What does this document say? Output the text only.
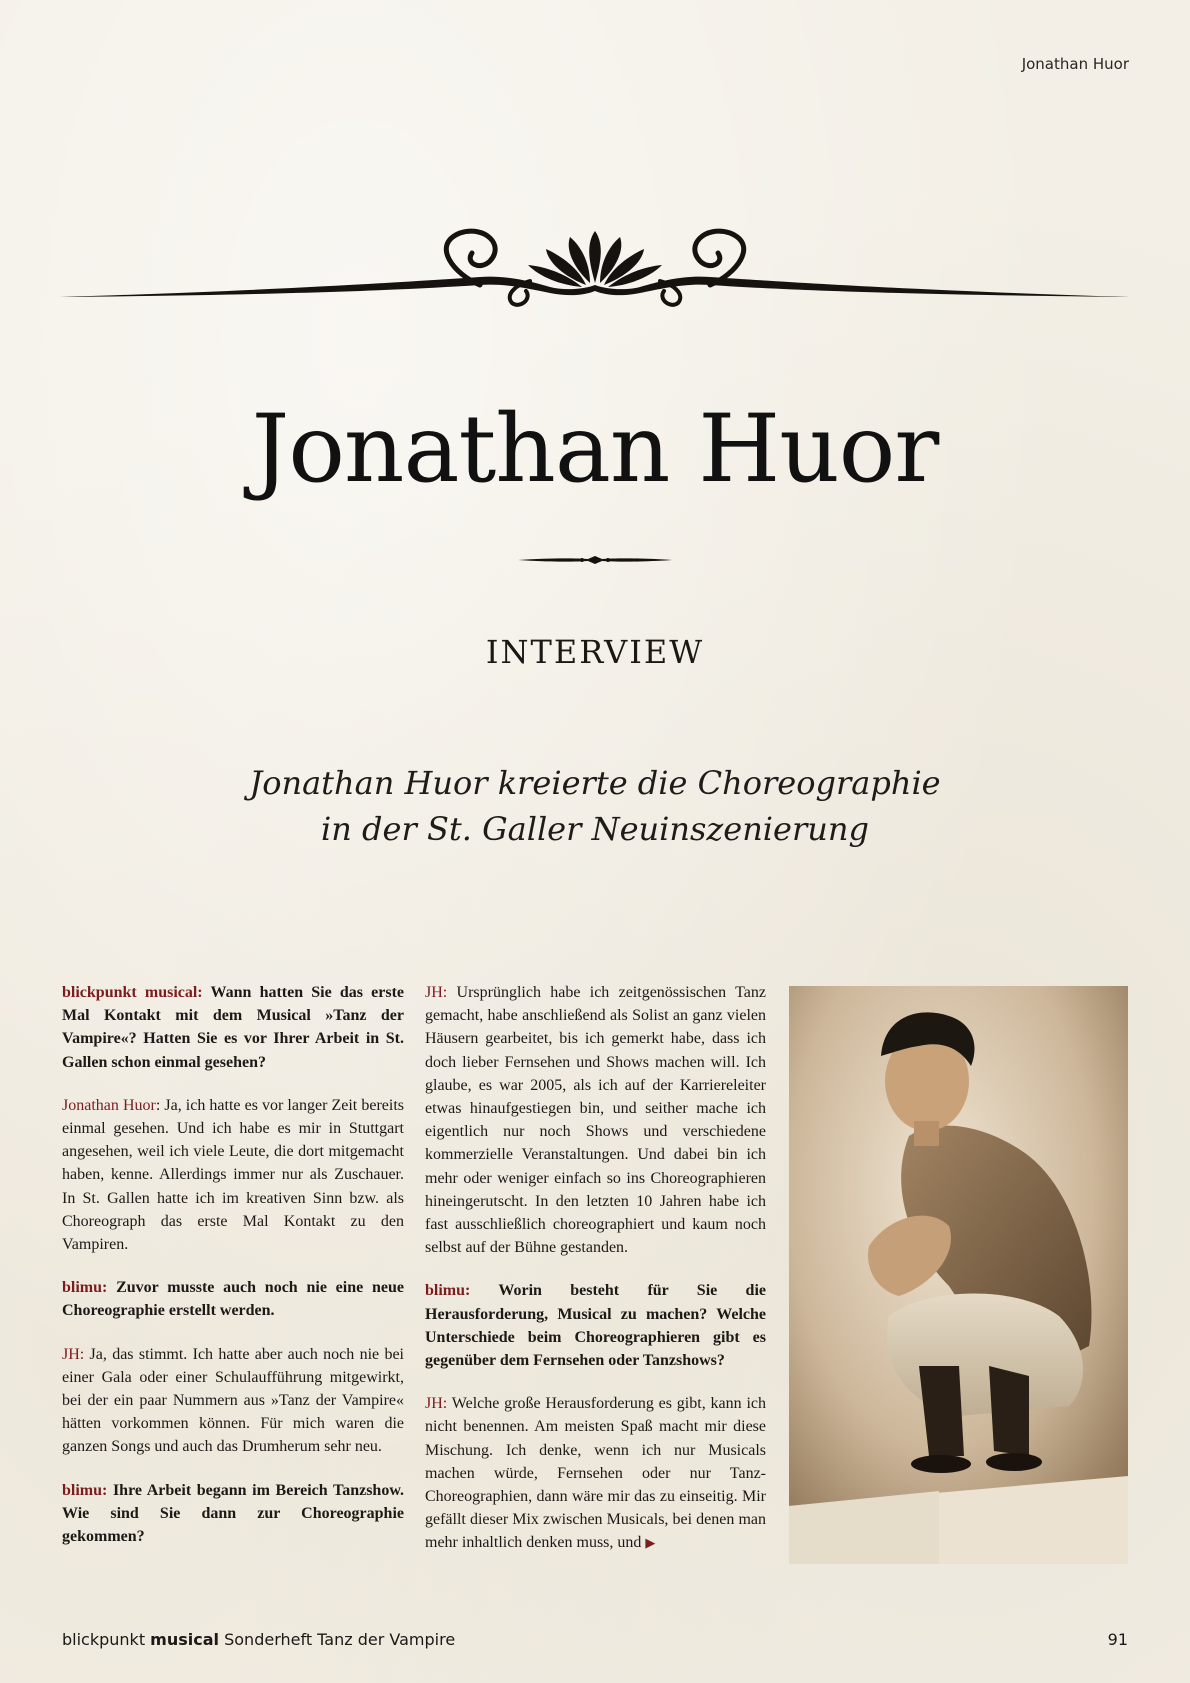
Jonathan Huor

Jonathan Huor
INTERVIEW

Jonathan Huor kreierte die Choreographie
in der St. Galler Neuinszenierung

blickpunkt musical: Wann hatten Sie das erste Mal Kontakt mit dem Musical »Tanz der Vampire«? Hatten Sie es vor Ihrer Arbeit in St. Gallen schon einmal gesehen?

Jonathan Huor: Ja, ich hatte es vor langer Zeit bereits einmal gesehen. Und ich habe es mir in Stuttgart angesehen, weil ich viele Leute, die dort mitgemacht haben, kenne. Allerdings immer nur als Zuschauer. In St. Gallen hatte ich im kreativen Sinn bzw. als Choreograph das erste Mal Kontakt zu den Vampiren.

blimu: Zuvor musste auch noch nie eine neue Choreographie erstellt werden.

JH: Ja, das stimmt. Ich hatte aber auch noch nie bei einer Gala oder einer Schulaufführung mitgewirkt, bei der ein paar Nummern aus »Tanz der Vampire« hätten vorkommen können. Für mich waren die ganzen Songs und auch das Drumherum sehr neu.

blimu: Ihre Arbeit begann im Bereich Tanzshow. Wie sind Sie dann zur Choreographie gekommen?

JH: Ursprünglich habe ich zeitgenössischen Tanz gemacht, habe anschließend als Solist an ganz vielen Häusern gearbeitet, bis ich gemerkt habe, dass ich doch lieber Fernsehen und Shows machen will. Ich glaube, es war 2005, als ich auf der Karriereleiter etwas hinaufgestiegen bin, und seither mache ich eigentlich nur noch Shows und verschiedene kommerzielle Veranstaltungen. Und dabei bin ich mehr oder weniger einfach so ins Choreographieren hineingerutscht. In den letzten 10 Jahren habe ich fast ausschließlich choreographiert und kaum noch selbst auf der Bühne gestanden.

blimu: Worin besteht für Sie die Herausforderung, Musical zu machen? Welche Unterschiede beim Choreographieren gibt es gegenüber dem Fernsehen oder Tanzshows?

JH: Welche große Herausforderung es gibt, kann ich nicht benennen. Am meisten Spaß macht mir diese Mischung. Ich denke, wenn ich nur Musicals machen würde, Fernsehen oder nur Tanz-Choreographien, dann wäre mir das zu einseitig. Mir gefällt dieser Mix zwischen Musicals, bei denen man mehr inhaltlich denken muss, und ▶

blickpunkt musical Sonderheft Tanz der Vampire	91
